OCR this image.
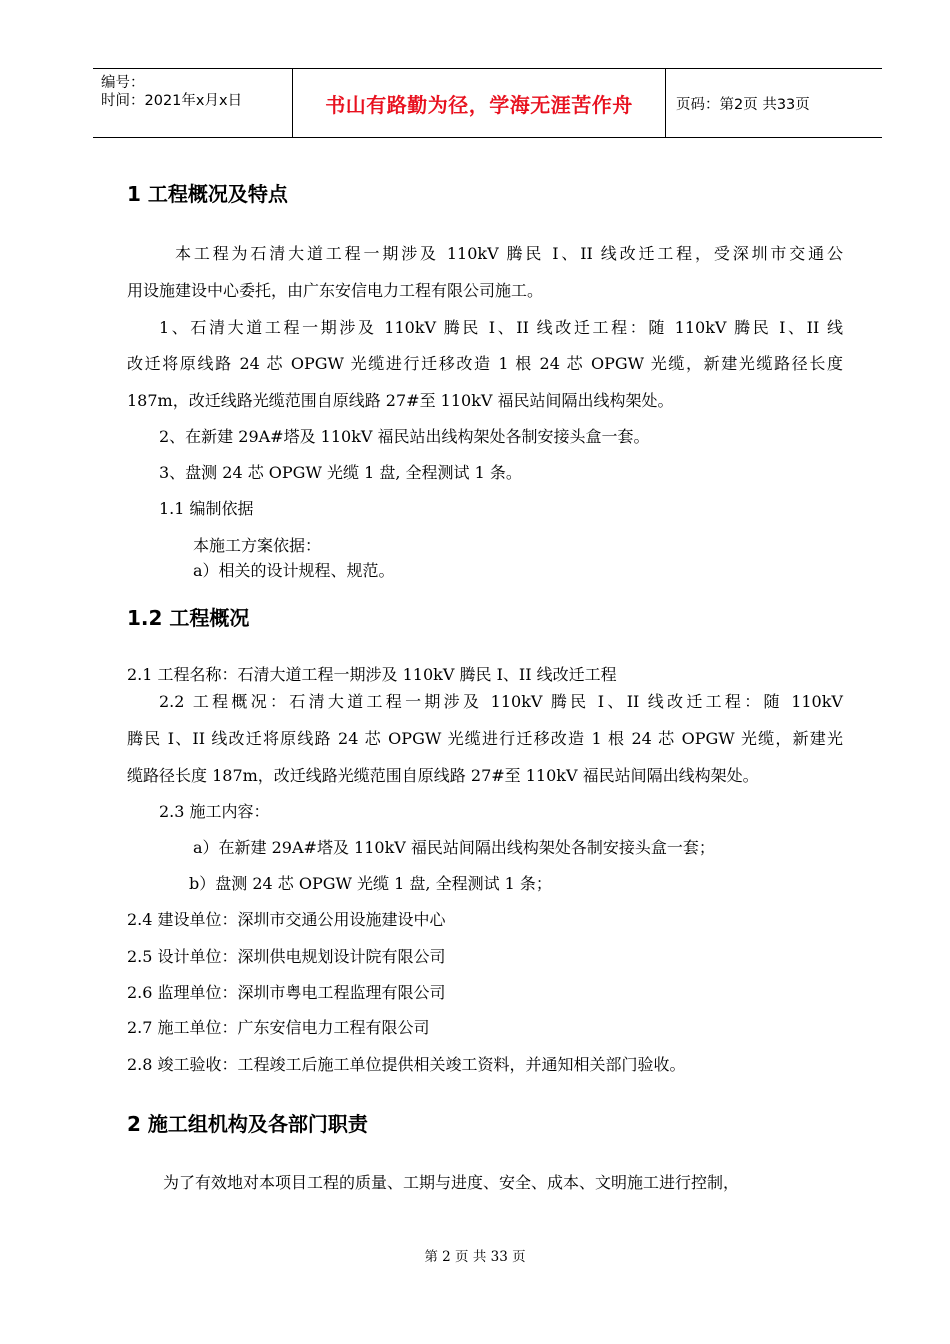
编号：
时间：2021年x月x日	书山有路勤为径，学海无涯苦作舟	页码：第2页 共33页
1 工程概况及特点
本工程为石清大道工程一期涉及 110kV 腾民 I、II 线改迁工程，受深圳市交通公
用设施建设中心委托，由广东安信电力工程有限公司施工。
1、石清大道工程一期涉及 110kV 腾民 I、II 线改迁工程：随 110kV 腾民 I、II 线
改迁将原线路 24 芯 OPGW 光缆进行迁移改造 1 根 24 芯 OPGW 光缆，新建光缆路径长度
187m，改迁线路光缆范围自原线路 27#至 110kV 福民站间隔出线构架处。
2、在新建 29A#塔及 110kV 福民站出线构架处各制安接头盒一套。
3、盘测 24 芯 OPGW 光缆 1 盘, 全程测试 1 条。
1.1 编制依据
本施工方案依据：
a）相关的设计规程、规范。
1.2 工程概况
2.1 工程名称：石清大道工程一期涉及 110kV 腾民 I、II 线改迁工程
2.2 工程概况：石清大道工程一期涉及 110kV 腾民 I、II 线改迁工程：随 110kV
腾民 I、II 线改迁将原线路 24 芯 OPGW 光缆进行迁移改造 1 根 24 芯 OPGW 光缆，新建光
缆路径长度 187m，改迁线路光缆范围自原线路 27#至 110kV 福民站间隔出线构架处。
2.3 施工内容：
a）在新建 29A#塔及 110kV 福民站间隔出线构架处各制安接头盒一套；
b）盘测 24 芯 OPGW 光缆 1 盘, 全程测试 1 条；
2.4 建设单位：深圳市交通公用设施建设中心
2.5 设计单位：深圳供电规划设计院有限公司
2.6 监理单位：深圳市粤电工程监理有限公司
2.7 施工单位：广东安信电力工程有限公司
2.8 竣工验收：工程竣工后施工单位提供相关竣工资料，并通知相关部门验收。
2 施工组机构及各部门职责
为了有效地对本项目工程的质量、工期与进度、安全、成本、文明施工进行控制，
第 2 页 共 33 页
